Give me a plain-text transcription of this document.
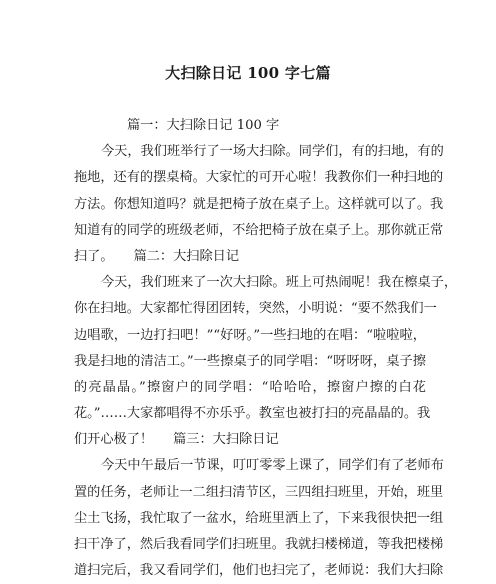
大扫除日记 100 字七篇
篇一：大扫除日记 100 字
今天，我们班举行了一场大扫除。同学们，有的扫地，有的
拖地，还有的摆桌椅。大家忙的可开心啦！我教你们一种扫地的
方法。你想知道吗？就是把椅子放在桌子上。这样就可以了。我
知道有的同学的班级老师，不给把椅子放在桌子上。那你就正常
扫了。 篇二：大扫除日记
今天，我们班来了一次大扫除。班上可热闹呢！我在檫桌子，
你在扫地。大家都忙得团团转，突然，小明说：“要不然我们一
边唱歌，一边打扫吧！”“好呀。”一些扫地的在唱：“啦啦啦，
我是扫地的清洁工。”一些擦桌子的同学唱：“呀呀呀，桌子擦
的亮晶晶。”擦窗户的同学唱：“哈哈哈，擦窗户擦的白花
花。”……大家都唱得不亦乐乎。教室也被打扫的亮晶晶的。我
们开心极了！ 篇三：大扫除日记
今天中午最后一节课，叮叮零零上课了，同学们有了老师布
置的任务，老师让一二组扫清节区，三四组扫班里，开始，班里
尘土飞扬，我忙取了一盆水，给班里洒上了，下来我很快把一组
扫干净了，然后我看同学们扫班里。我就扫楼梯道，等我把楼梯
道扫完后，我又看同学们，他们也扫完了，老师说：我们大扫除
